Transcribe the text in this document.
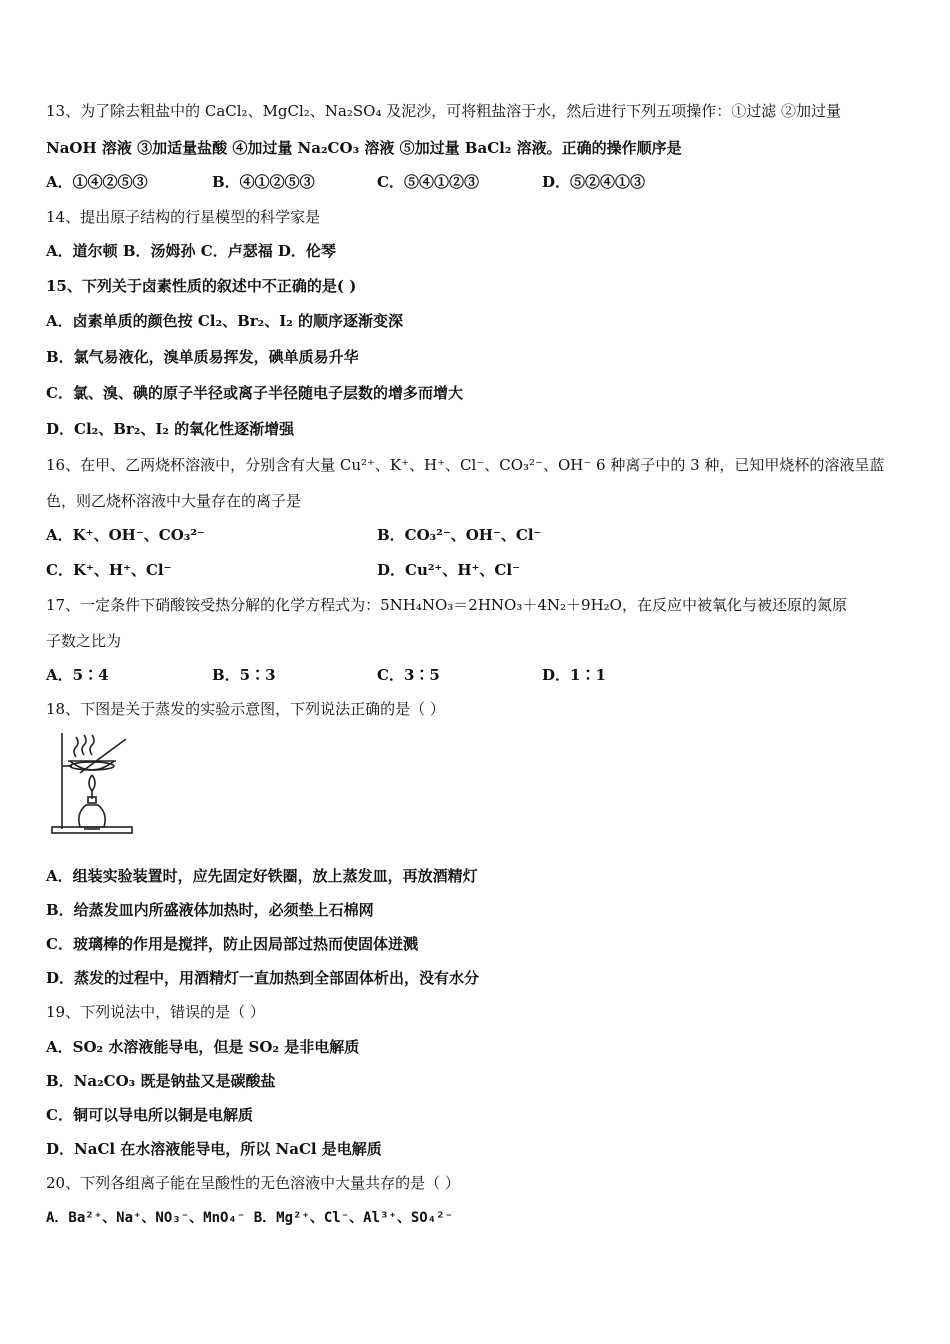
13、为了除去粗盐中的 CaCl₂、MgCl₂、Na₂SO₄ 及泥沙，可将粗盐溶于水，然后进行下列五项操作：①过滤 ②加过量
NaOH 溶液 ③加适量盐酸 ④加过量 Na₂CO₃ 溶液 ⑤加过量 BaCl₂ 溶液。正确的操作顺序是
A．①④②⑤③	B．④①②⑤③	C．⑤④①②③	D．⑤②④①③
14、提出原子结构的行星模型的科学家是
A．道尔顿 B．汤姆孙 C．卢瑟福 D．伦琴
15、下列关于卤素性质的叙述中不正确的是( )
A．卤素单质的颜色按 Cl₂、Br₂、I₂ 的顺序逐渐变深
B．氯气易液化，溴单质易挥发，碘单质易升华
C．氯、溴、碘的原子半径或离子半径随电子层数的增多而增大
D．Cl₂、Br₂、I₂ 的氧化性逐渐增强
16、在甲、乙两烧杯溶液中，分别含有大量 Cu²⁺、K⁺、H⁺、Cl⁻、CO₃²⁻、OH⁻ 6 种离子中的 3 种，已知甲烧杯的溶液呈蓝
色，则乙烧杯溶液中大量存在的离子是
A．K⁺、OH⁻、CO₃²⁻	B．CO₃²⁻、OH⁻、Cl⁻
C．K⁺、H⁺、Cl⁻	D．Cu²⁺、H⁺、Cl⁻
17、一定条件下硝酸铵受热分解的化学方程式为：5NH₄NO₃＝2HNO₃＋4N₂＋9H₂O，在反应中被氧化与被还原的氮原
子数之比为
A．5∶4	B．5∶3	C．3∶5	D．1∶1
18、下图是关于蒸发的实验示意图，下列说法正确的是（ ）
A．组装实验装置时，应先固定好铁圈，放上蒸发皿，再放酒精灯
B．给蒸发皿内所盛液体加热时，必须垫上石棉网
C．玻璃棒的作用是搅拌，防止因局部过热而使固体迸溅
D．蒸发的过程中，用酒精灯一直加热到全部固体析出，没有水分
19、下列说法中，错误的是（ ）
A．SO₂ 水溶液能导电，但是 SO₂ 是非电解质
B．Na₂CO₃ 既是钠盐又是碳酸盐
C．铜可以导电所以铜是电解质
D．NaCl 在水溶液能导电，所以 NaCl 是电解质
20、下列各组离子能在呈酸性的无色溶液中大量共存的是（ ）
A．Ba²⁺、Na⁺、NO₃⁻、MnO₄⁻ B．Mg²⁺、Cl⁻、Al³⁺、SO₄²⁻
